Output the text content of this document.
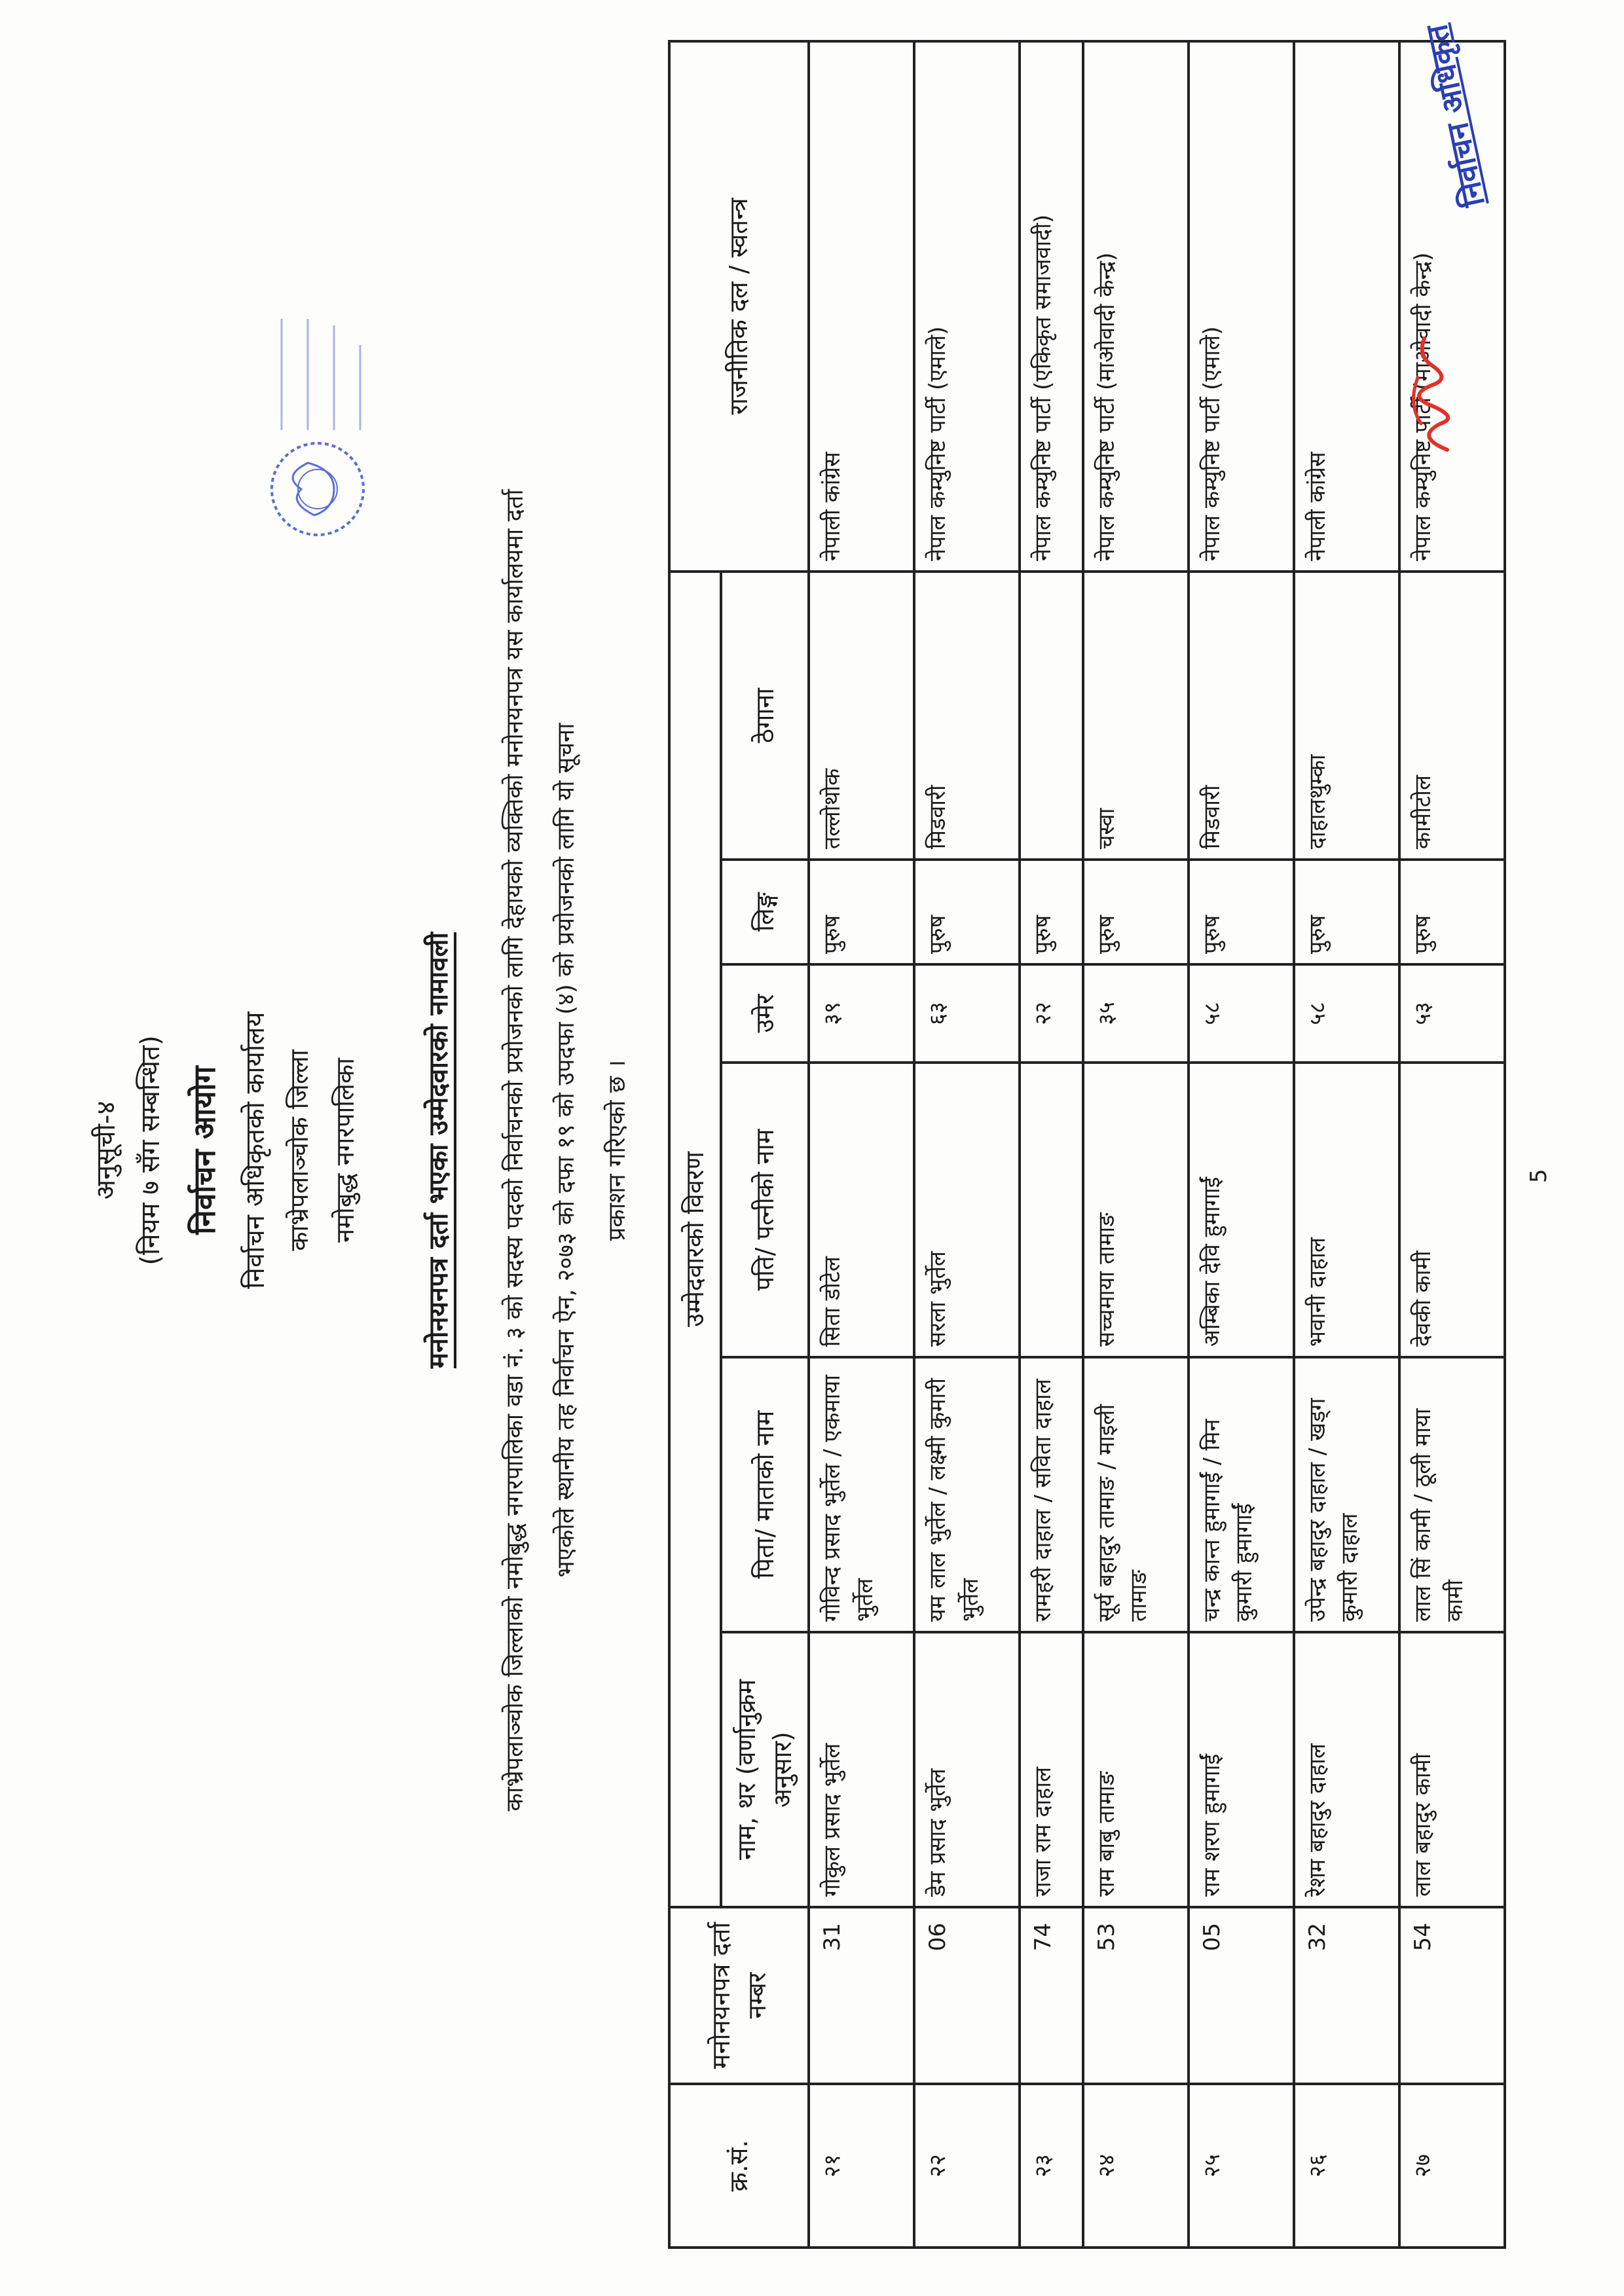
अनुसूची-४ (नियम ७ सँग सम्बन्धित) निर्वाचन आयोग निर्वाचन अधिकृतको कार्यालय काभ्रेपलाञ्चोक जिल्ला नमोबुद्ध नगरपालिका मनोनयनपत्र दर्ता भएका उम्मेदवारको नामावली काभ्रेपलाञ्चोक जिल्लाको नमोबुद्ध नगरपालिका वडा नं. ३ को सदस्य पदको निर्वाचनको प्रयोजनको लागि देहायको व्यक्तिको मनोनयनपत्र यस कार्यालयमा दर्ता भएकोले स्थानीय तह निर्वाचन ऐन, २०७३ को दफा १९ को उपदफा (४) को प्रयोजनको लागि यो सूचना प्रकाशन गरिएको छ ।
क्र.सं.	मनोनयनपत्र दर्ता नम्बर	उम्मेदवारको विवरण						राजनीतिक दल / स्वतन्त्र
		नाम, थर (वर्णानुक्रम अनुसार)	पिता/ माताको नाम	पति/ पत्नीको नाम	उमेर	लिङ्ग	ठेगाना	
२१	31	गोकुल प्रसाद भुर्तेल	गोविन्द प्रसाद भुर्तेल / एकमाया भुर्तेल	सिता डोटेल	३९	पुरुष	तल्लोथोक	नेपाली कांग्रेस
२२	06	डेम प्रसाद भुर्तेल	यम लाल भुर्तेल / लक्ष्मी कुमारी भुर्तेल	सरला भुर्तेल	६३	पुरुष	मिडवारी	नेपाल कम्युनिष्ट पार्टी (एमाले)
२३	74	राजा राम दाहाल	रामहरी दाहाल / सविता दाहाल		२२	पुरुष		नेपाल कम्युनिष्ट पार्टी (एकिकृत समाजवादी)
२४	53	राम बाबु तामाङ	सूर्य बहादुर तामाङ / माइली तामाङ	सच्चमाया तामाङ	३५	पुरुष	चस्वा	नेपाल कम्युनिष्ट पार्टी (माओवादी केन्द्र)
२५	05	राम शरण हुमागाईं	चन्द्र कान्त हुमागाईं / मिन कुमारी हुमागाईं	अम्बिका देवि हुमागाईं	५८	पुरुष	मिडवारी	नेपाल कम्युनिष्ट पार्टी (एमाले)
२६	32	रेशम बहादुर दाहाल	उपेन्द्र बहादुर दाहाल / खड्ग कुमारी दाहाल	भवानी दाहाल	५८	पुरुष	दाहालथुम्का	नेपाली कांग्रेस
२७	54	लाल बहादुर कामी	लाल सिं कामी / ठूली माया कामी	देवकी कामी	५३	पुरुष	कामीटोल	नेपाल कम्युनिष्ट पार्टी (माओवादी केन्द्र)
निर्वाचन अधिकृत
5
